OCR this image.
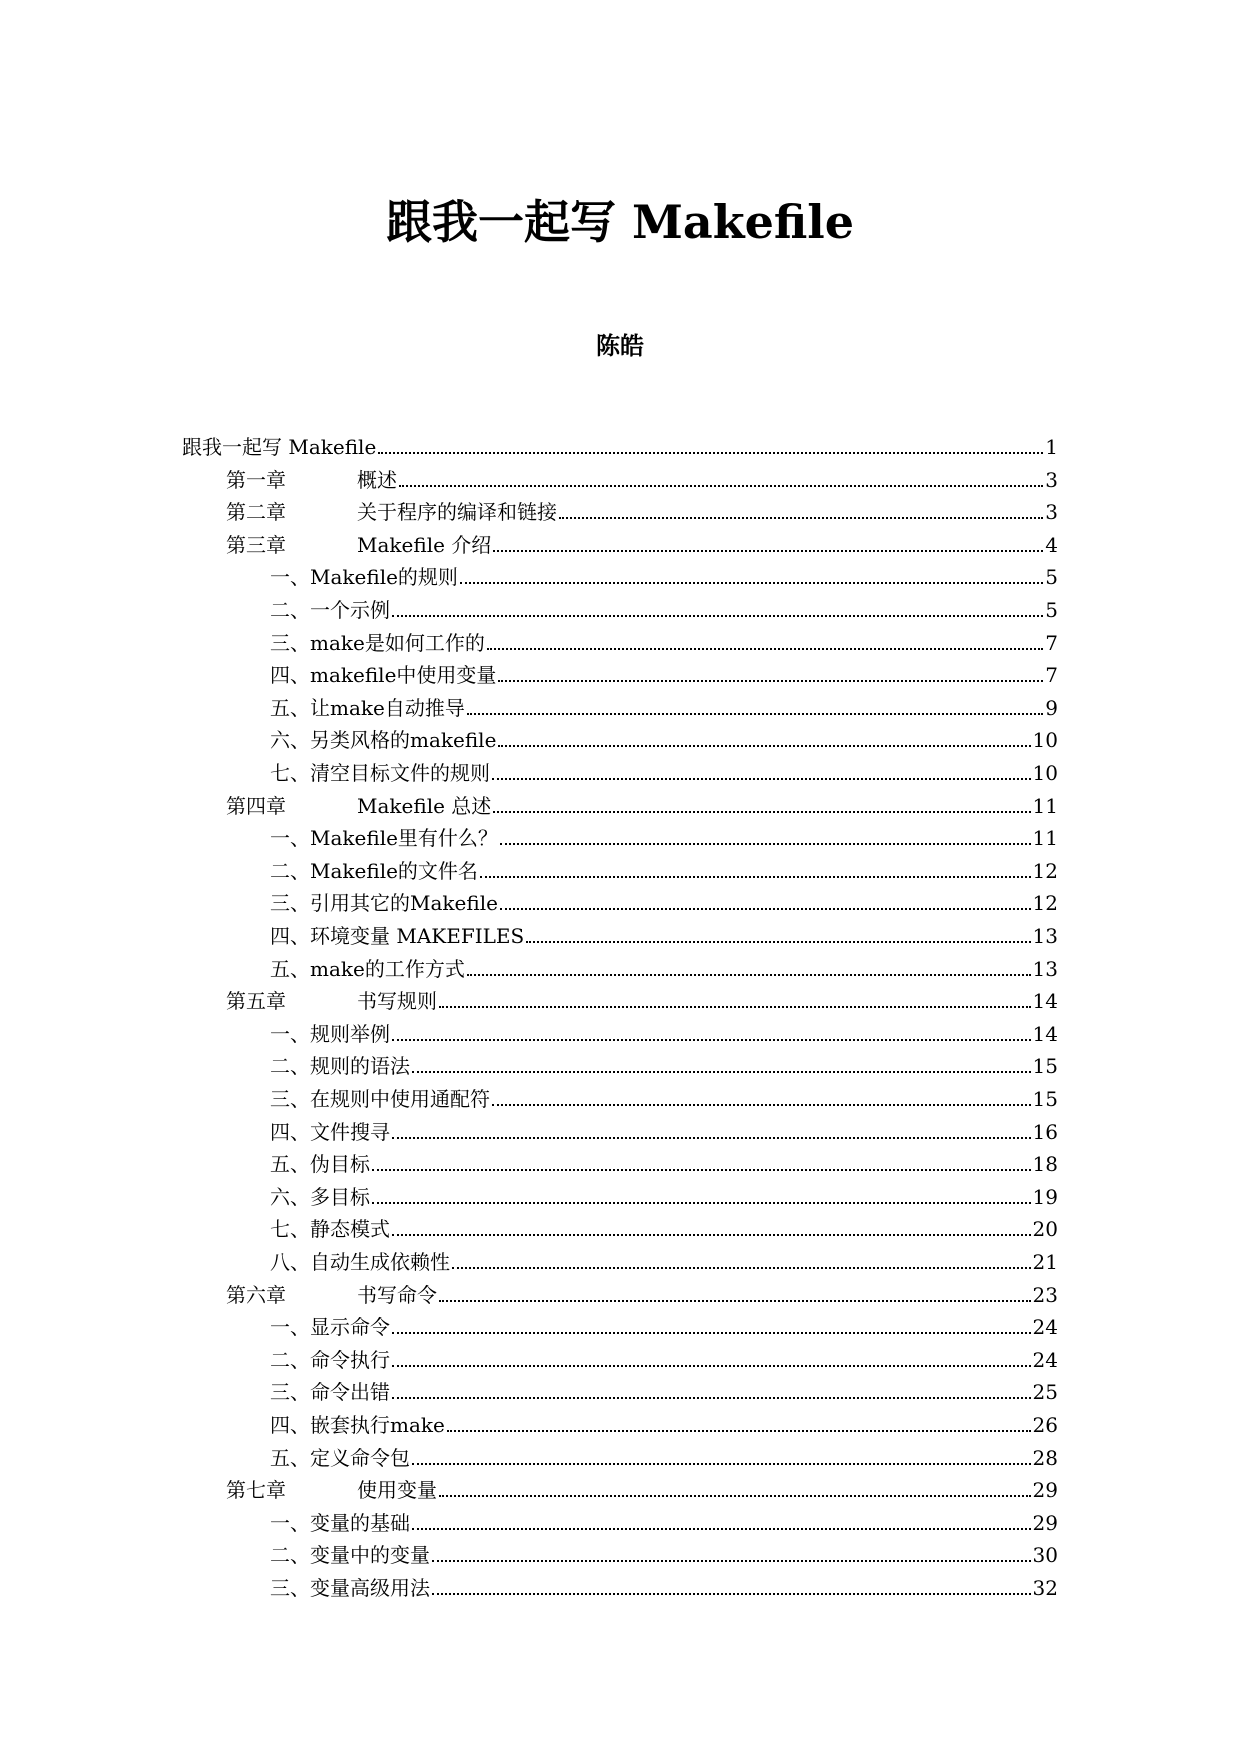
跟我一起写 Makefile
陈皓
跟我一起写 Makefile	1
第一章	概述	3
第二章	关于程序的编译和链接	3
第三章	Makefile 介绍	4
一、Makefile的规则	5
二、一个示例	5
三、make是如何工作的	7
四、makefile中使用变量	7
五、让make自动推导	9
六、另类风格的makefile	10
七、清空目标文件的规则	10
第四章	Makefile 总述	11
一、Makefile里有什么？	11
二、Makefile的文件名	12
三、引用其它的Makefile	12
四、环境变量 MAKEFILES	13
五、make的工作方式	13
第五章	书写规则	14
一、规则举例	14
二、规则的语法	15
三、在规则中使用通配符	15
四、文件搜寻	16
五、伪目标	18
六、多目标	19
七、静态模式	20
八、自动生成依赖性	21
第六章	书写命令	23
一、显示命令	24
二、命令执行	24
三、命令出错	25
四、嵌套执行make	26
五、定义命令包	28
第七章	使用变量	29
一、变量的基础	29
二、变量中的变量	30
三、变量高级用法	32
